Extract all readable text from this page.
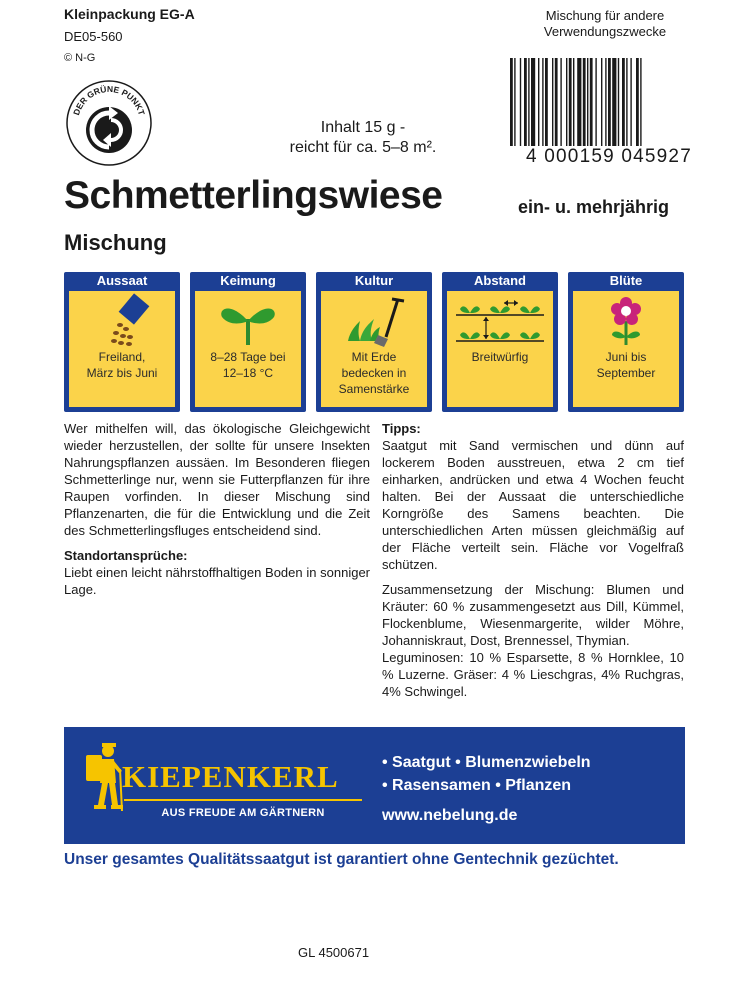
Kleinpackung EG-A
DE05-560
© N-G
DER GRÜNE PUNKT
Mischung für andere
Verwendungszwecke
4 000159 045927
Inhalt 15 g -
reicht für ca. 5–8 m².
Schmetterlingswiese	ein- u. mehrjährig
Mischung
Aussaat
Freiland,
März bis Juni
Keimung
8–28 Tage bei
12–18 °C
Kultur
Mit Erde
bedecken in
Samenstärke
Abstand
Breitwürfig
Blüte
Juni bis
September

Wer mithelfen will, das ökologische Gleichgewicht wieder herzustellen, der sollte für unsere Insekten Nahrungspflanzen aussäen. Im Besonderen fliegen Schmetterlinge nur, wenn sie Futterpflanzen für ihre Raupen vorfinden. In dieser Mischung sind Pflanzenarten, die für die Entwicklung und die Zeit des Schmetterlingsfluges entscheidend sind.

Standortansprüche:

Liebt einen leicht nährstoffhaltigen Boden in sonniger Lage.

Tipps:

Saatgut mit Sand vermischen und dünn auf lockerem Boden ausstreuen, etwa 2 cm tief einharken, andrücken und etwa 4 Wochen feucht halten. Bei der Aussaat die unterschiedliche Korngröße des Samens beachten. Die unterschiedlichen Arten müssen gleichmäßig auf der Fläche verteilt sein. Fläche vor Vogelfraß schützen.

Zusammensetzung der Mischung: Blumen und Kräuter: 60 % zusammengesetzt aus Dill, Kümmel, Flockenblume, Wiesenmargerite, wilder Möhre, Johanniskraut, Dost, Brennessel, Thymian.

Leguminosen: 10 % Esparsette, 8 % Hornklee, 10 % Luzerne. Gräser: 4 % Lieschgras, 4% Ruchgras, 4% Schwingel.

KIEPENKERL
AUS FREUDE AM GÄRTNERN
• Saatgut • Blumenzwiebeln
• Rasensamen • Pflanzen
www.nebelung.de
Unser gesamtes Qualitätssaatgut ist garantiert ohne Gentechnik gezüchtet.
GL 4500671
